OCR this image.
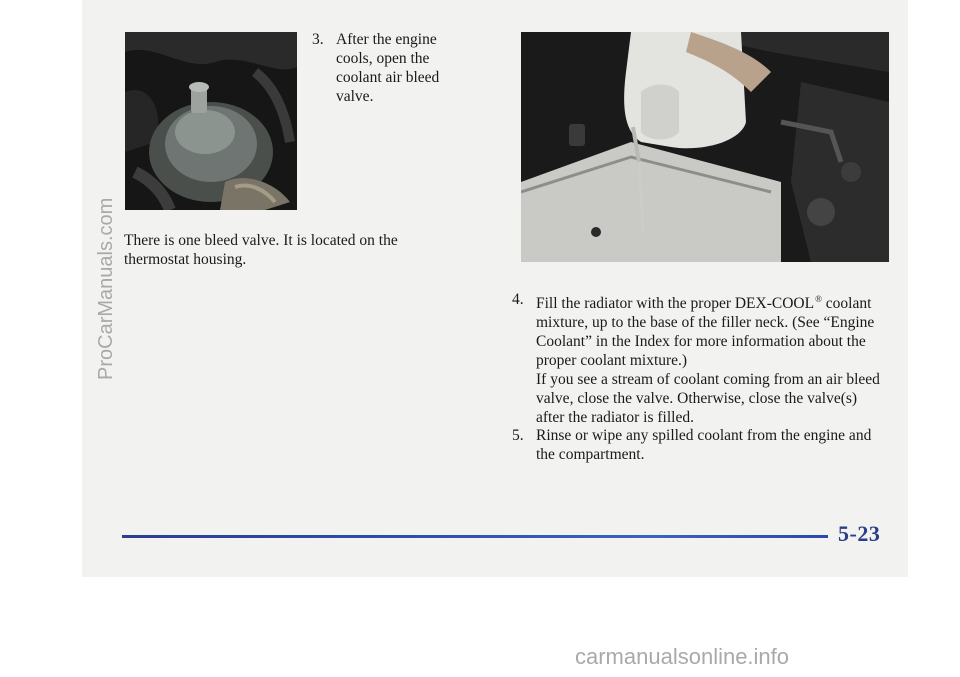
3. After the engine cools, open the coolant air bleed valve.
There is one bleed valve. It is located on the thermostat housing.
4. Fill the radiator with the proper DEX-COOL® coolant mixture, up to the base of the filler neck. (See “Engine Coolant” in the Index for more information about the proper coolant mixture.)
If you see a stream of coolant coming from an air bleed valve, close the valve. Otherwise, close the valve(s) after the radiator is filled.
5. Rinse or wipe any spilled coolant from the engine and the compartment.
5-23
ProCarManuals.com
carmanualsonline.info
